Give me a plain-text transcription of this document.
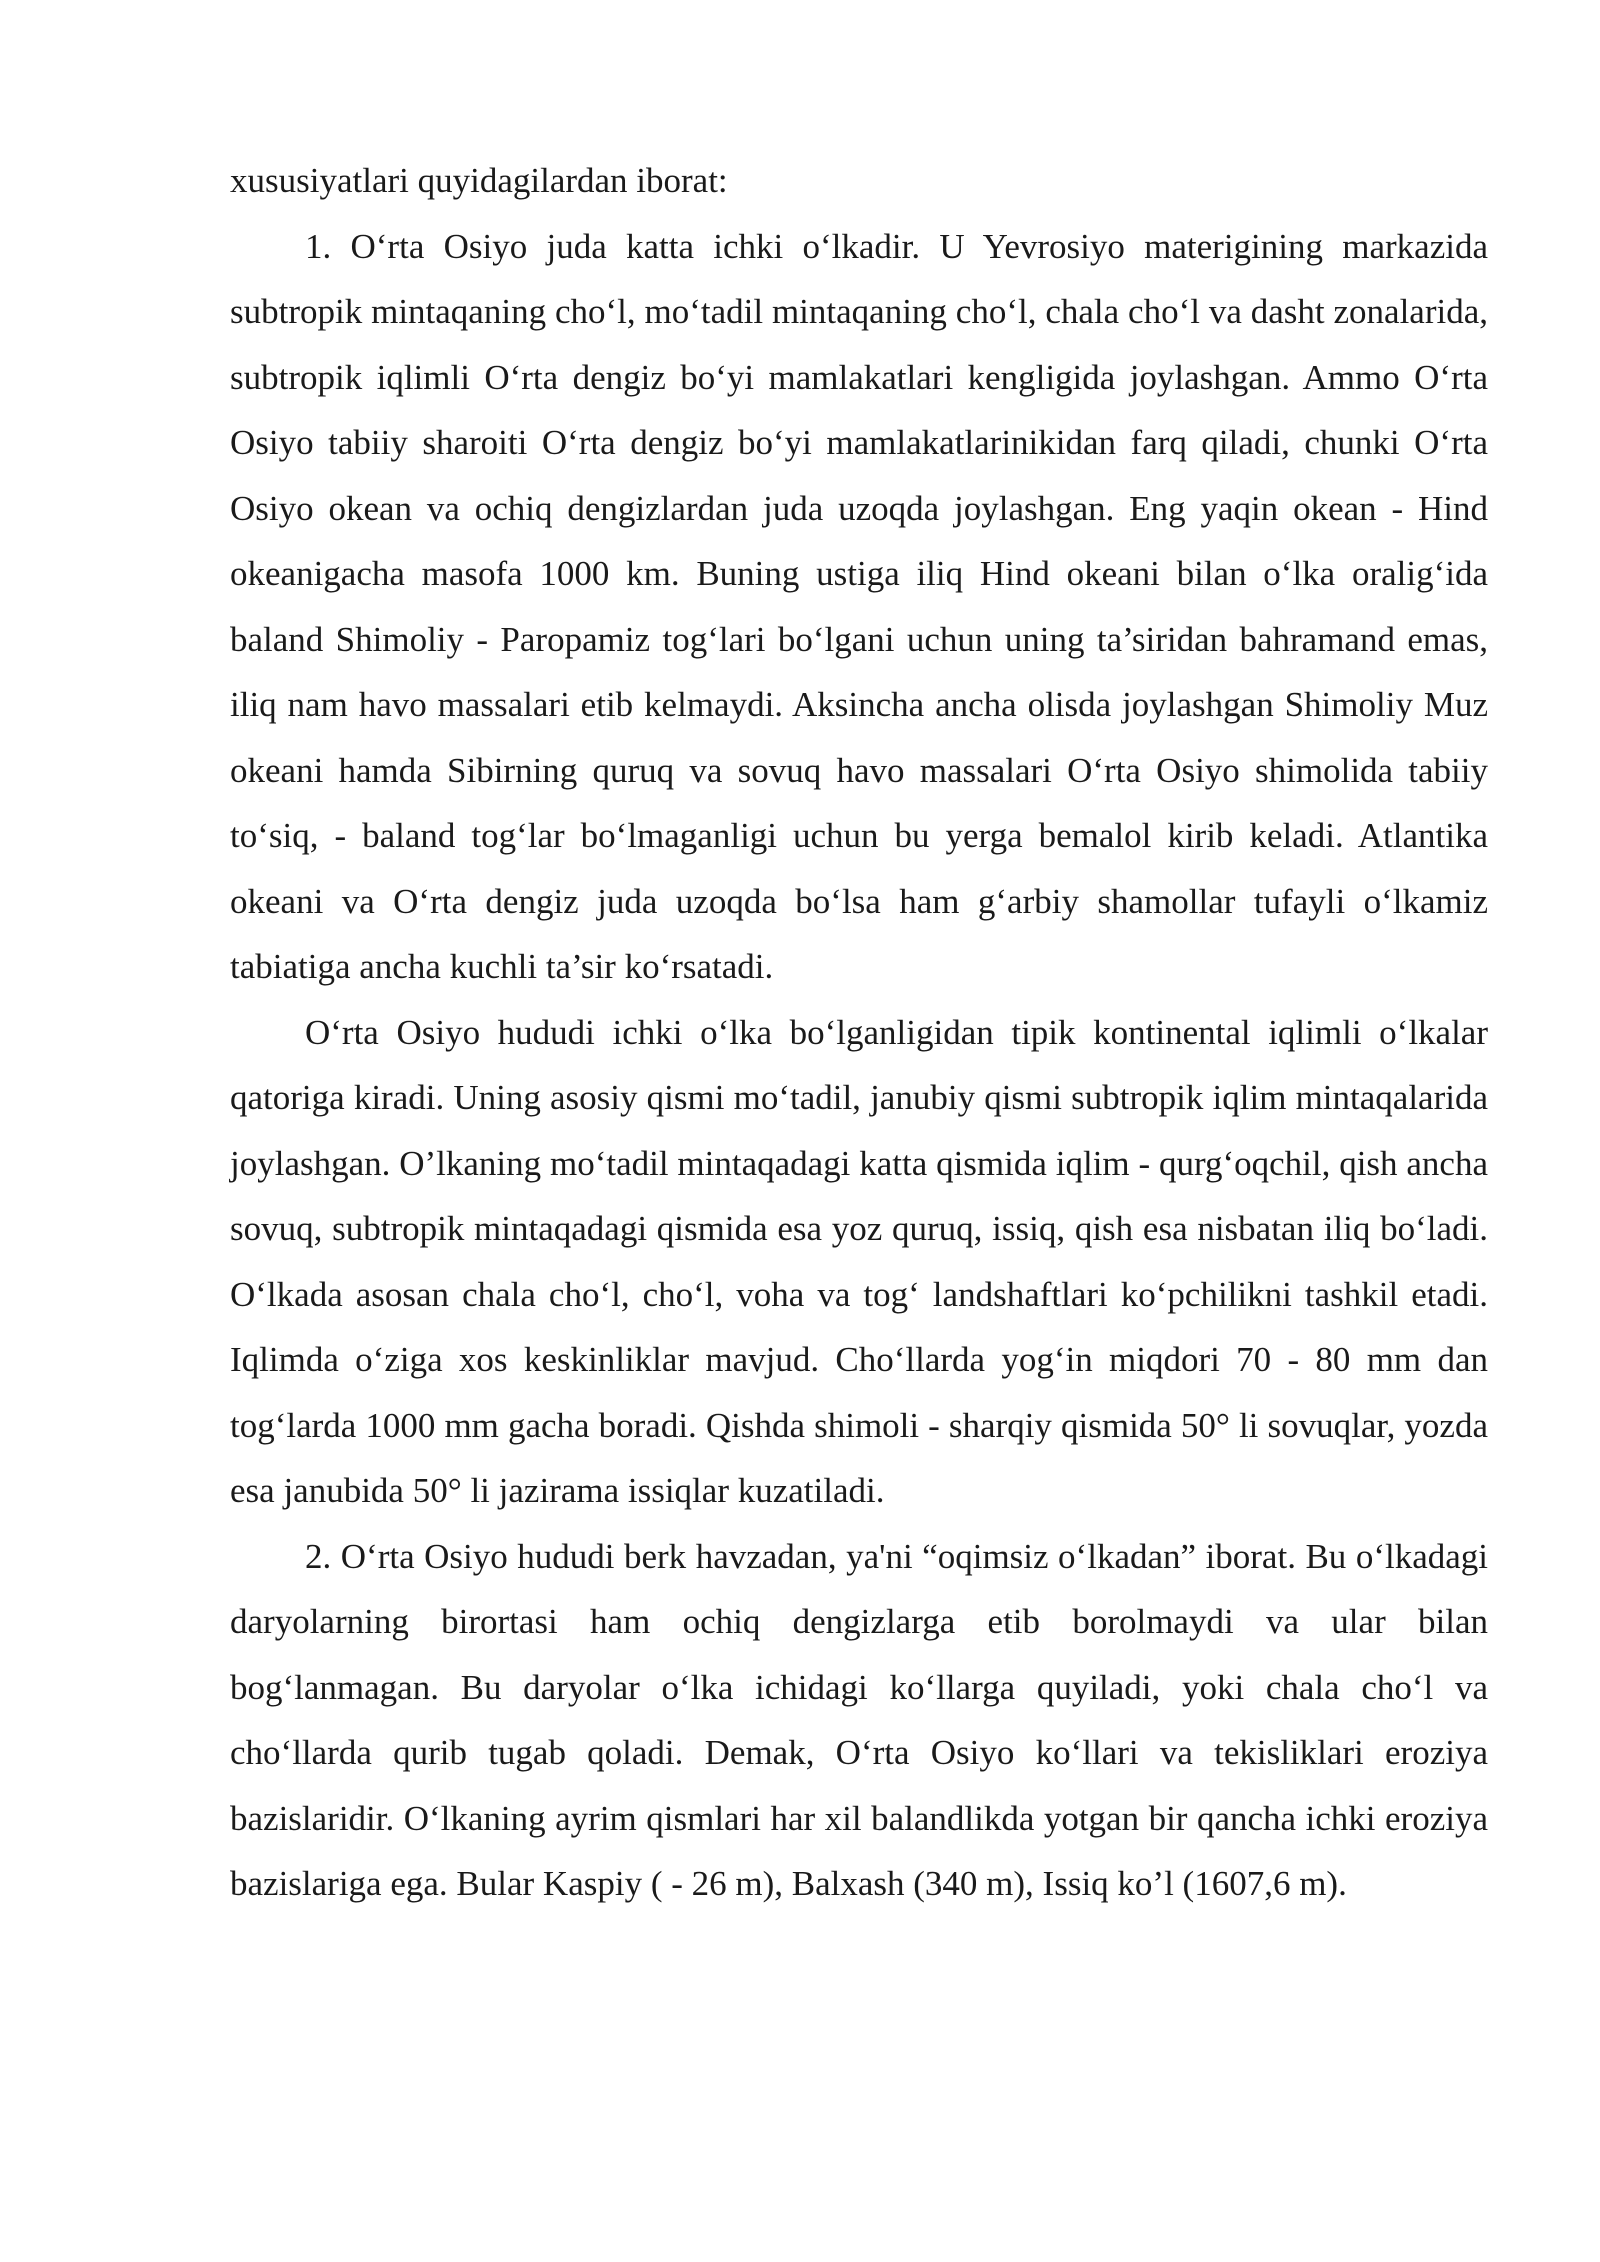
xususiyatlari quyidagilardan iborat:

1. O‘rta Osiyo juda katta ichki o‘lkadir. U Yevrosiyo materigining markazida subtropik mintaqaning cho‘l, mo‘tadil mintaqaning cho‘l, chala cho‘l va dasht zonalarida, subtropik iqlimli O‘rta dengiz bo‘yi mamlakatlari kengligida joylashgan. Ammo O‘rta Osiyo tabiiy sharoiti O‘rta dengiz bo‘yi mamlakatlarinikidan farq qiladi, chunki O‘rta Osiyo okean va ochiq dengizlardan juda uzoqda joylashgan. Eng yaqin okean - Hind okeanigacha masofa 1000 km. Buning ustiga iliq Hind okeani bilan o‘lka oralig‘ida baland Shimoliy - Paropamiz tog‘lari bo‘lgani uchun uning ta’siridan bahramand emas, iliq nam havo massalari etib kelmaydi. Aksincha ancha olisda joylashgan Shimoliy Muz okeani hamda Sibirning quruq va sovuq havo massalari O‘rta Osiyo shimolida tabiiy to‘siq, - baland tog‘lar bo‘lmaganligi uchun bu yerga bemalol kirib keladi. Atlantika okeani va O‘rta dengiz juda uzoqda bo‘lsa ham g‘arbiy shamollar tufayli o‘lkamiz tabiatiga ancha kuchli ta’sir ko‘rsatadi.

O‘rta Osiyo hududi ichki o‘lka bo‘lganligidan tipik kontinental iqlimli o‘lkalar qatoriga kiradi. Uning asosiy qismi mo‘tadil, janubiy qismi subtropik iqlim mintaqalarida joylashgan. O’lkaning mo‘tadil mintaqadagi katta qismida iqlim - qurg‘oqchil, qish ancha sovuq, subtropik mintaqadagi qismida esa yoz quruq, issiq, qish esa nisbatan iliq bo‘ladi. O‘lkada asosan chala cho‘l, cho‘l, voha va tog‘ landshaftlari ko‘pchilikni tashkil etadi. Iqlimda o‘ziga xos keskinliklar mavjud. Cho‘llarda yog‘in miqdori 70 - 80 mm dan tog‘larda 1000 mm gacha boradi. Qishda shimoli - sharqiy qismida 50° li sovuqlar, yozda esa janubida 50° li jazirama issiqlar kuzatiladi.

2. O‘rta Osiyo hududi berk havzadan, ya'ni “oqimsiz o‘lkadan” iborat. Bu o‘lkadagi daryolarning birortasi ham ochiq dengizlarga etib borolmaydi va ular bilan bog‘lanmagan. Bu daryolar o‘lka ichidagi ko‘llarga quyiladi, yoki chala cho‘l va cho‘llarda qurib tugab qoladi. Demak, O‘rta Osiyo ko‘llari va tekisliklari eroziya bazislaridir. O‘lkaning ayrim qismlari har xil balandlikda yotgan bir qancha ichki eroziya bazislariga ega. Bular Kaspiy ( - 26 m), Balxash (340 m), Issiq ko’l (1607,6 m).
